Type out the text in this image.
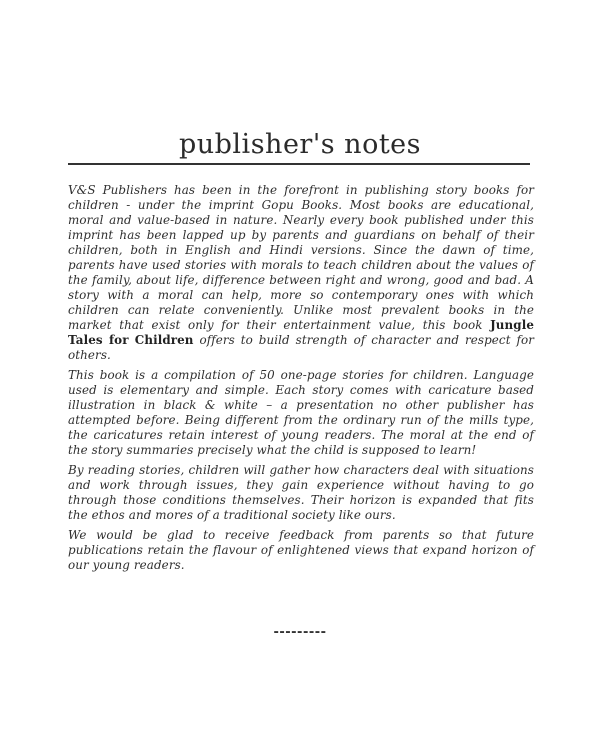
publisher's notes

V&S Publishers has been in the forefront in publishing story books for children - under the imprint Gopu Books. Most books are educational, moral and value-based in nature. Nearly every book published under this imprint has been lapped up by parents and guardians on behalf of their children, both in English and Hindi versions. Since the dawn of time, parents have used stories with morals to teach children about the values of the family, about life, difference between right and wrong, good and bad. A story with a moral can help, more so contemporary ones with which children can relate conveniently. Unlike most prevalent books in the market that exist only for their entertainment value, this book Jungle Tales for Children offers to build strength of character and respect for others.

This book is a compilation of 50 one-page stories for children. Language used is elementary and simple. Each story comes with caricature based illustration in black & white – a presentation no other publisher has attempted before. Being different from the ordinary run of the mills type, the caricatures retain interest of young readers. The moral at the end of the story summaries precisely what the child is supposed to learn!

By reading stories, children will gather how characters deal with situations and work through issues, they gain experience without having to go through those conditions themselves. Their horizon is expanded that fits the ethos and mores of a traditional society like ours.

We would be glad to receive feedback from parents so that future publications retain the flavour of enlightened views that expand horizon of our young readers.

---------
